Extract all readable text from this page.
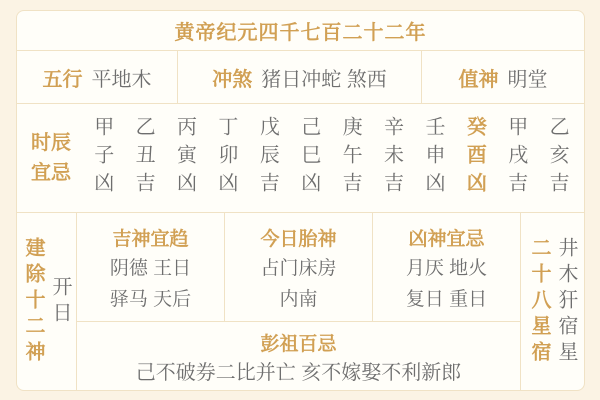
黄帝纪元四千七百二十二年
五行 平地木	冲煞 猪日冲蛇 煞西	值神 明堂
时辰宜忌 甲子凶 乙丑吉 丙寅凶 丁卯凶 戊辰吉 己巳凶 庚午吉 辛未吉 壬申凶 癸酉凶 甲戌吉 乙亥吉
建除十二神 开日
吉神宜趋
阴德 王日
驿马 天后
今日胎神
占门床房
内南
凶神宜忌
月厌 地火
复日 重日
彭祖百忌
己不破券二比并亡 亥不嫁娶不利新郎
二十八星宿 井木犴宿星
